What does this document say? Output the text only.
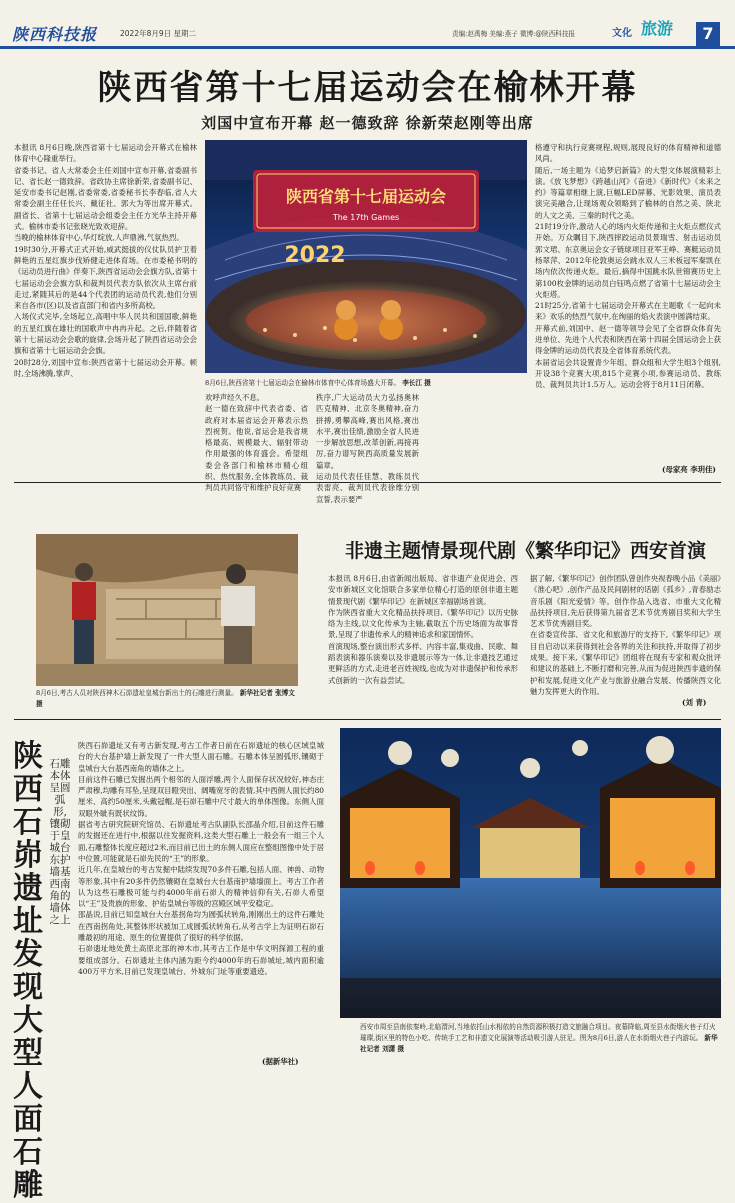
陕西科技报	2022年8月9日 星期二	责编:赵禹梅 美编:燕子 微博:@陕西科技报	文化 旅游	7
陕西省第十七届运动会在榆林开幕
刘国中宣布开幕 赵一德致辞 徐新荣赵刚等出席
本报讯 8月6日晚,陕西省第十七届运动会开幕式在榆林体育中心隆重举行。
省委书记、省人大常委会主任刘国中宣布开幕,省委副书记、省长赵一德致辞。省政协主席徐新荣,省委副书记、延安市委书记赵刚,省委常委,省委秘书长李春临,省人大常委会副主任任长兴、戴征社、郭大为等出席开幕式。副省长、省第十七届运动会组委会主任方光华主持开幕式。榆林市委书记张晓光致欢迎辞。
当晚的榆林体育中心,华灯绽放,人声鼎沸,气氛热烈。
19时30分,开幕式正式开始,威武挺拔的仪仗队员护卫着鲜艳的五星红旗步伐矫健走进体育场。在市委秘书明的《运动员进行曲》伴奏下,陕西省运动会会旗方队,省第十七届运动会会旗方队和裁判员代表方队依次从主席台前走过,紧随其后的是44个代表团的运动员代表,他们分别来自各市(区)以及省直部门和省内多所高校。
入场仪式完毕,全场起立,高唱中华人民共和国国歌,鲜艳的五星红旗在雄壮的国歌声中冉冉升起。之后,伴随着省第十七届运动会会歌的旋律,会场升起了陕西省运动会会旗和省第十七届运动会会旗。
20时28分,刘国中宣布:陕西省第十七届运动会开幕。顿时,全场沸腾,掌声、
陕西省第十七届运动会
The 17th Games
2022
8月6日,陕西省第十七届运动会在榆林市体育中心体育场盛大开幕。 李长江 摄
欢呼声经久不息。
赵一德在致辞中代表省委、省政府对本届省运会开幕表示热烈祝贺。他说,省运会是我省规格最高、规模最大、辐射带动作用最强的体育盛会。希望组委会各部门和榆林市精心组织、热忱服务,全体教练员、裁判员共同恪守和维护良好竞赛
秩序,广大运动员大力弘扬奥林匹克精神、北京冬奥精神,奋力拼搏,勇攀高峰,赛出风格,赛出水平,赛出佳绩,激励全省人民进一步解放思想,改革创新,再接再厉,奋力谱写陕西高质量发展新篇章。
运动员代表任佳慧、教练员代表雷亮、裁判员代表徐维分别宣誓,表示要严
格遵守和执行竞赛规程,规则,展现良好的体育精神和道德风尚。
随后,一场主题为《追梦启新篇》的大型文体展演精彩上演。《放飞梦想》《跨越山河》《奋进》《新时代》《未来之约》等篇章相继上演,巨幅LED屏幕、光影效果、演员表演完美融合,让现场观众领略到了榆林的自然之美、陕北的人文之美、三秦的时代之美。
21时19分许,激动人心的场内火炬传递和主火炬点燃仪式开始。万众瞩目下,陕西摔跤运动员景瑞雪、射击运动员郭文珺、东京奥运会女子链球项目亚军王峥、赛艇运动员杨翠萍、2012年伦敦奥运会跳水双人三米板冠军秦凯在场内依次传递火炬。最后,摘得中国跳水队世锦赛历史上第100枚金牌的运动员白钰鸣点燃了省第十七届运动会主火炬塔。
21时25分,省第十七届运动会开幕式在主题歌《一起向未来》欢乐的热烈气氛中,在绚丽的焰火表演中圆满结束。
开幕式前,刘国中、赵一德等领导会见了全省群众体育先进单位、先进个人代表和陕西在第十四届全国运动会上获得金牌的运动员代表及全省体育系统代表。
本届省运会共设置青少年组、群众组和大学生组3个组别,开设38个竞赛大项,815个竞赛小项,参赛运动员、教练员、裁判员共计1.5万人。运动会将于8月11日闭幕。
(母家亮 李玥佳)
8月6日,考古人员对陕西神木石峁遗址皇城台新出土的石雕进行测量。 新华社记者 张博文 摄
非遗主题情景现代剧《繁华印记》西安首演
本报讯 8月6日,由省新闻出版局、省非遗产业促进会、西安市新城区文化馆联合多家单位精心打造的原创非遗主题情景现代剧《繁华印记》在新城区幸福剧场首演。
作为陕西省重大文化精品扶持项目,《繁华印记》以历史脉络为主线,以文化传承为主轴,截取五个历史场面为故事背景,呈现了非遗传承人的精神追求和家国情怀。
首演现场,整台演出形式多样、内容丰富,集戏曲、民歌、舞蹈表演和器乐演奏以及非遗展示等为一体,让非遗技艺通过更鲜活的方式,走进老百姓视线,也成为对非遗保护和传承形式创新的一次有益尝试。
据了解,《繁华印记》创作团队曾创作央视春晚小品《美丽》《淮心吧》,创作产品及民间剧材的话剧《孤乡》,青春励志音乐剧《阳光爱情》等。创作作品入选省、市重大文化精品扶持项目,先后获得第九届省艺术节优秀剧目奖和大学生艺术节优秀剧目奖。
在省委宣传部、省文化和旅游厅的支持下,《繁华印记》项目自启动以来获得到社会各界的关注和扶持,并取得了初步成果。接下来,《繁华印记》团组将在现有专家和观众批评和建议的基础上,不断打磨和完善,从而为促进陕西非遗的保护和发展,促进文化产业与旅游业融合发展、传播陕西文化魅力发挥更大的作用。
(刘 青)
陕西石峁遗址发现大型人面石雕
石雕本体呈圆弧形,镶砌于皇城台东护墙基西南角的墙体之上
陕西石峁遗址又有考古新发现,考古工作者日前在石峁遗址的核心区域皇城台的大台基护墙上新发现了一件大型人面石雕。石雕本体呈圆弧形,镶砌于皇城台大台基西南角的墙体之上。
目前这件石雕已发掘出两个相邻的人面浮雕,两个人面保存状况较好,神态庄严肃穆,均雕有耳坠,呈现双目瞪突出、阔嘴宽牙的表情,其中西侧人面长约80厘米、高约50厘米,头戴冠帽,是石峁石雕中尺寸最大的单体图像。东侧人面双眼外眦有既状纹饰。
据省考古研究院研究馆员、石峁遗址考古队副队长邵晶介绍,目前这件石雕的发掘还在进行中,根据以往发掘资料,这类大型石雕上一般会有一组三个人面,石雕整体长度应超过2米,而目前已出土的东侧人面应在整组图像中处于居中位置,可能就是石峁先民的“王”的形象。
近几年,在皇城台的考古发掘中陆续发现70多件石雕,包括人面、神兽、动物等形象,其中有20多件仍然镶砌在皇城台大台基南护墙墙面上。考古工作者认为这些石雕极可能与约4000年前石峁人的精神信仰有关,石峁人希望以“王”及贵族的形象、护佑皇城台等级的宫殿区域平安稳定。
邵晶说,目前已知皇城台大台基拐角均为圆弧状转角,刚刚出土的这件石雕处在西南拐角处,其整体形状被加工成圆弧状转角石,从考古学上为证明石峁石雕最初的用途、原生的位置提供了很好的科学依据。
石峁遗址地处黄土高原北部的神木市,其考古工作是中华文明探源工程的重要组成部分。石峁遗址主体内涵为距今约4000年的石峁城址,城内面积逾400万平方米,目前已发现皇城台、外城东门址等重要遗迹。
(据新华社)
西安市周至县南依秦岭,北临渭河,当地依托山水相依的自然资源积极打造文旅融合项目。夜幕降临,周至县水街烟火巷子灯火璀璨,街区里的特色小吃、传统手工艺和非遗文化展演等活动吸引游人驻足。图为8月6日,游人在水街烟火巷子内游玩。 新华社记者 刘潇 摄
